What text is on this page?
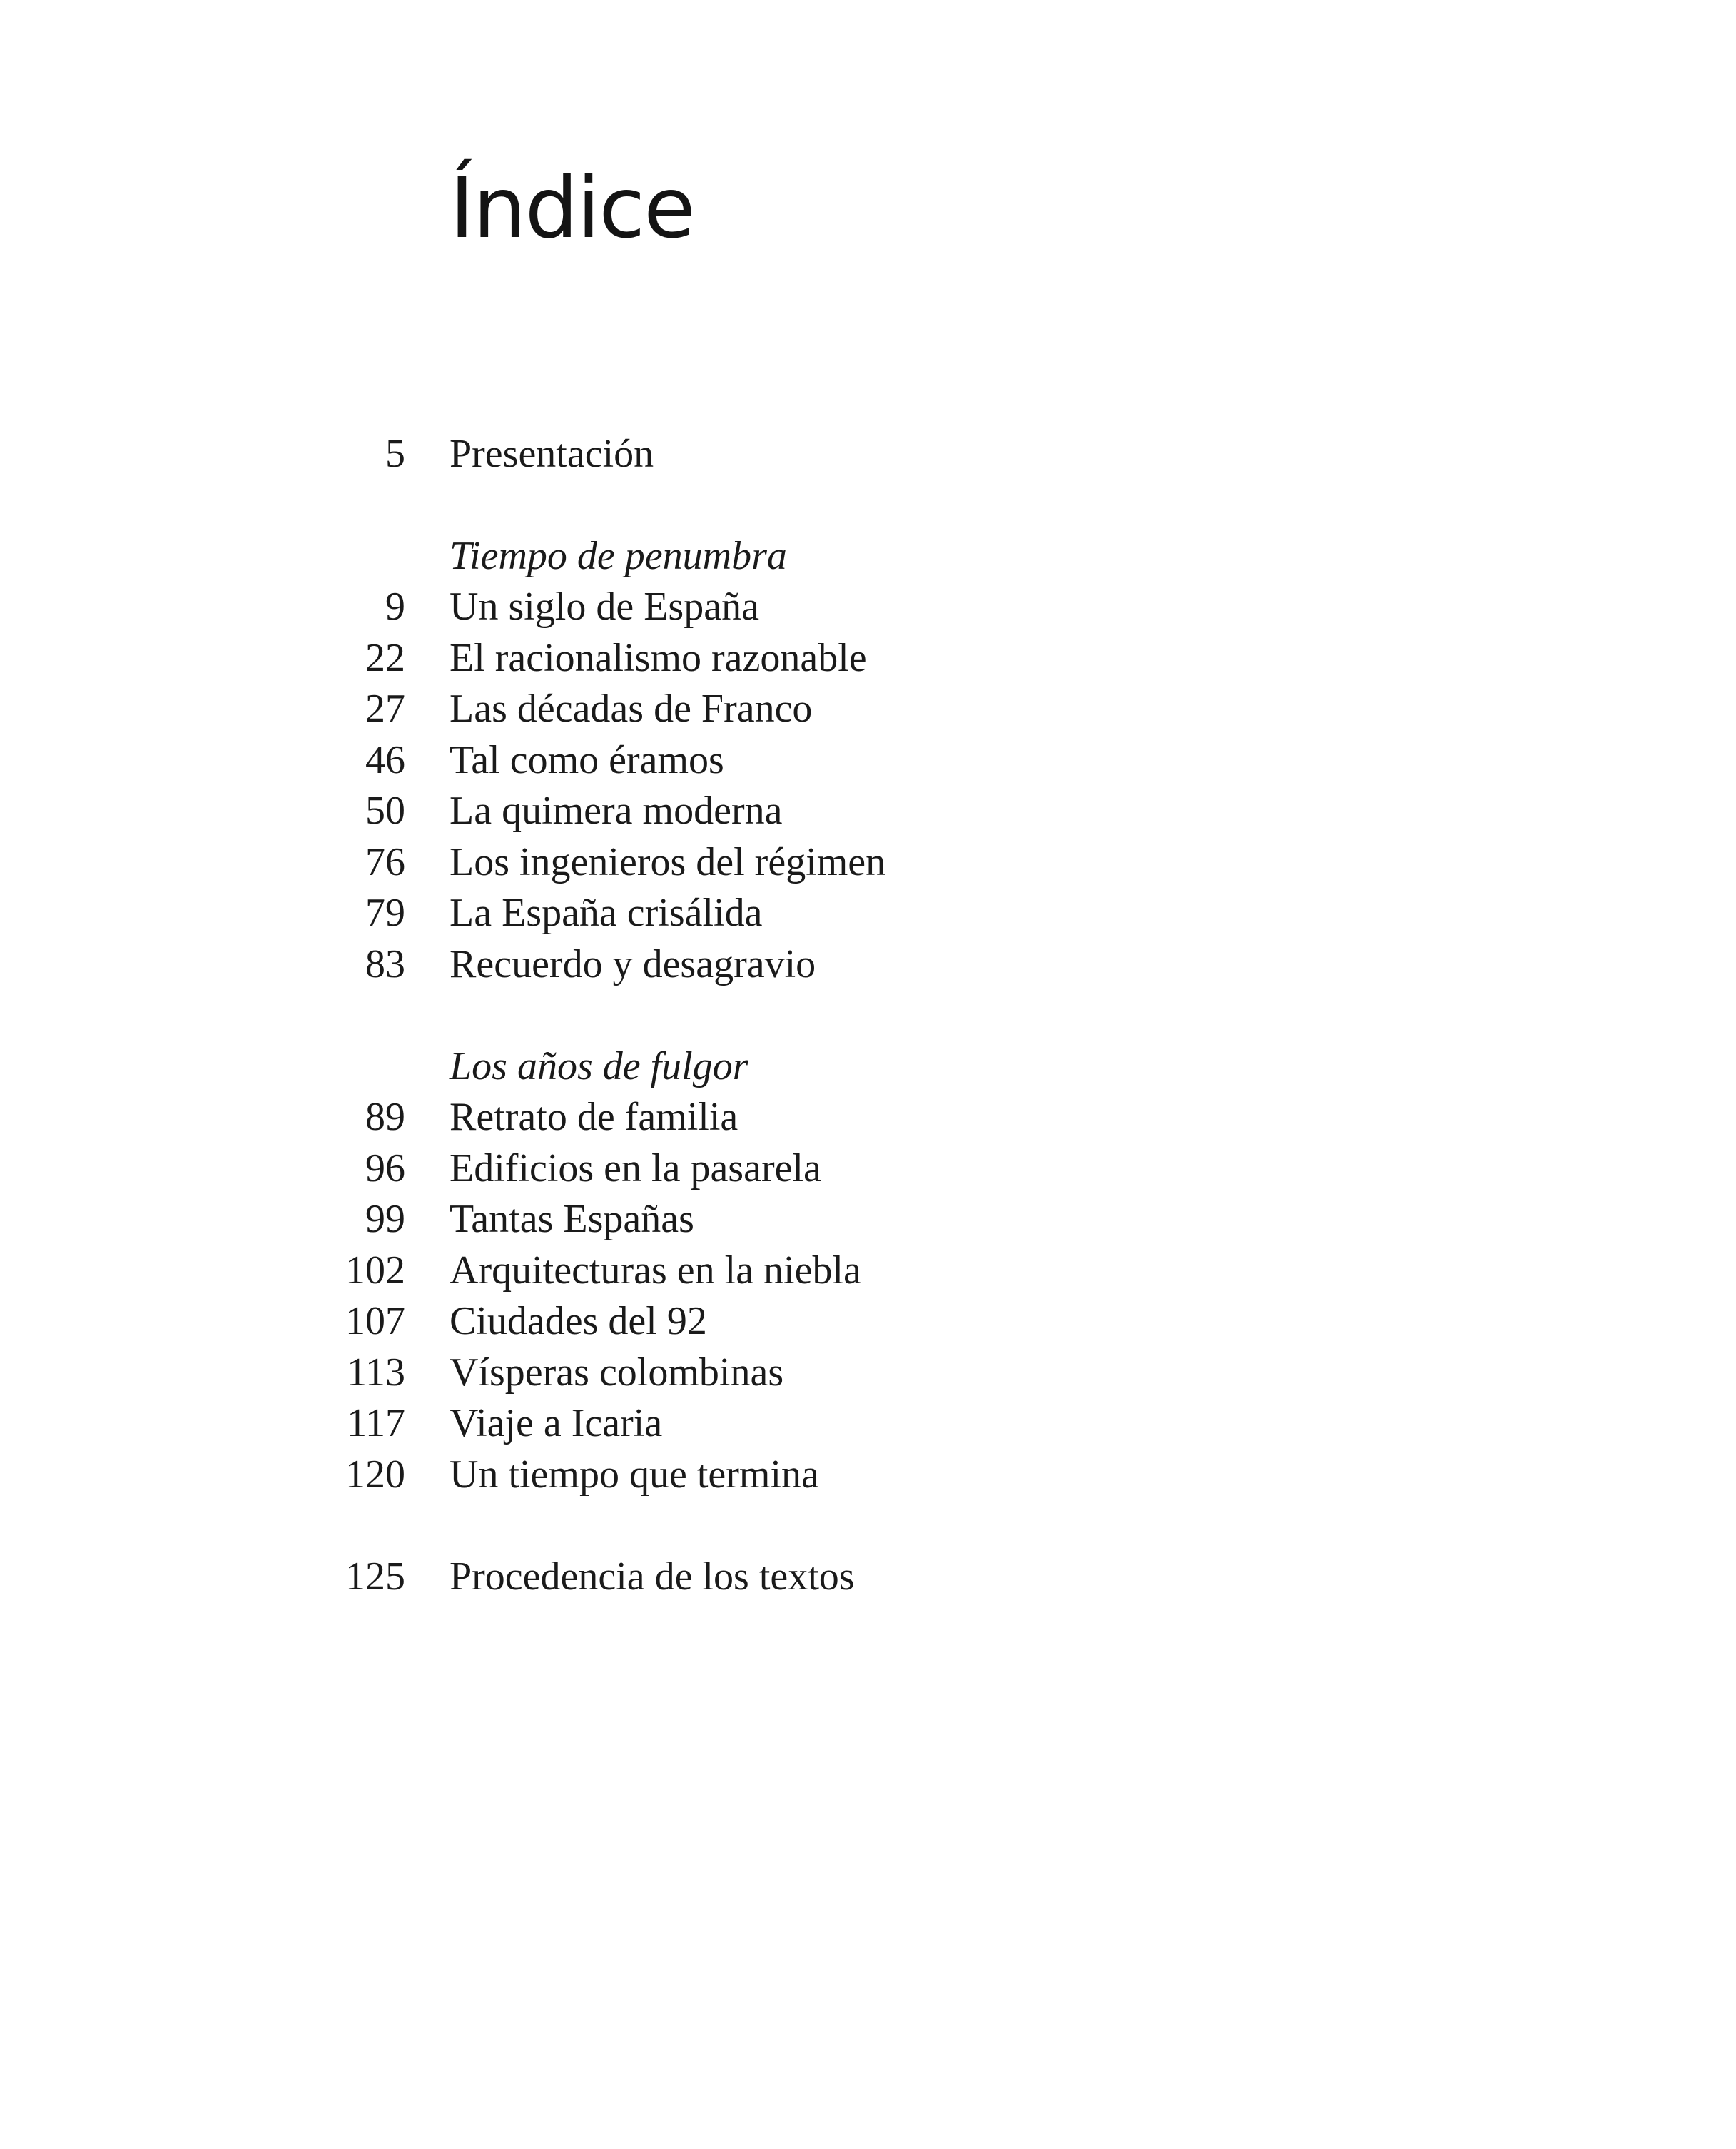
Índice
5 Presentación
Tiempo de penumbra
9 Un siglo de España
22 El racionalismo razonable
27 Las décadas de Franco
46 Tal como éramos
50 La quimera moderna
76 Los ingenieros del régimen
79 La España crisálida
83 Recuerdo y desagravio
Los años de fulgor
89 Retrato de familia
96 Edificios en la pasarela
99 Tantas Españas
102 Arquitecturas en la niebla
107 Ciudades del 92
113 Vísperas colombinas
117 Viaje a Icaria
120 Un tiempo que termina
125 Procedencia de los textos
